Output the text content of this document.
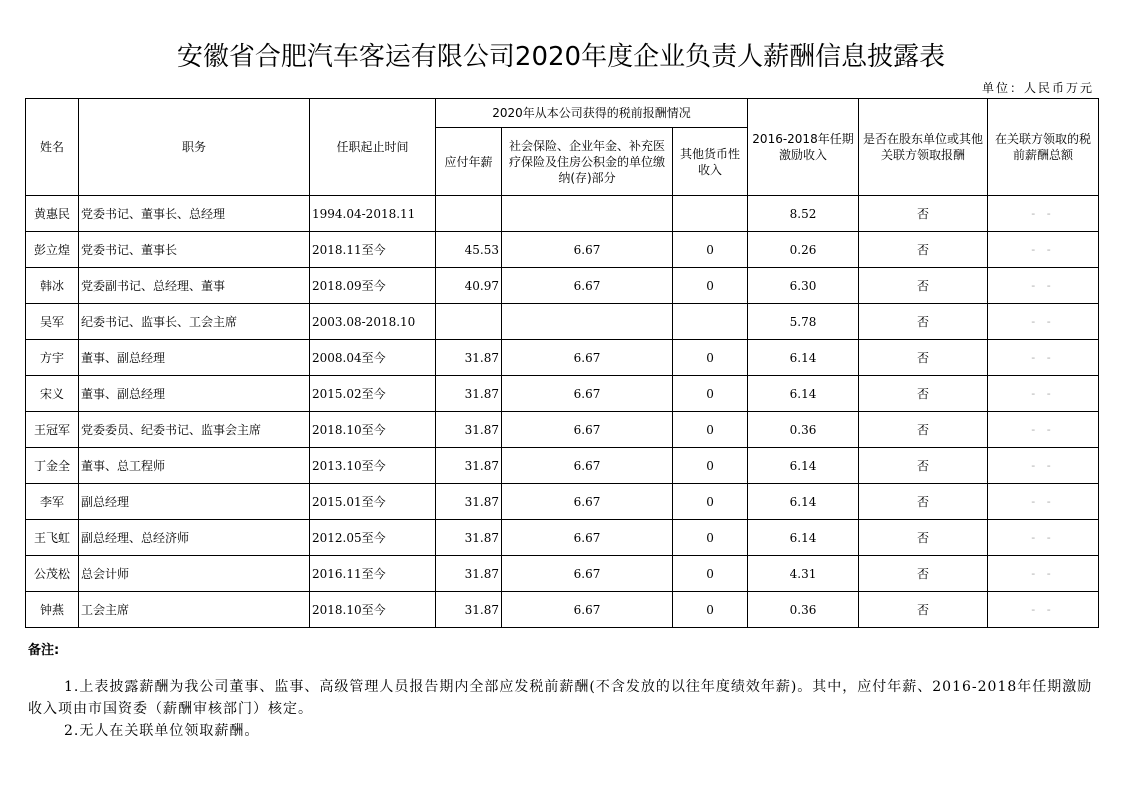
安徽省合肥汽车客运有限公司2020年度企业负责人薪酬信息披露表
单位：人民币万元
姓名	职务	任职起止时间	2020年从本公司获得的税前报酬情况			2016-2018年任期激励收入	是否在股东单位或其他关联方领取报酬	在关联方领取的税前薪酬总额
			应付年薪	社会保险、企业年金、补充医疗保险及住房公积金的单位缴纳(存)部分	其他货币性收入			
黄惠民	党委书记、董事长、总经理	1994.04-2018.11				8.52	否	- -
彭立煌	党委书记、董事长	2018.11至今	45.53	6.67	0	0.26	否	- -
韩冰	党委副书记、总经理、董事	2018.09至今	40.97	6.67	0	6.30	否	- -
吴军	纪委书记、监事长、工会主席	2003.08-2018.10				5.78	否	- -
方宇	董事、副总经理	2008.04至今	31.87	6.67	0	6.14	否	- -
宋义	董事、副总经理	2015.02至今	31.87	6.67	0	6.14	否	- -
王冠军	党委委员、纪委书记、监事会主席	2018.10至今	31.87	6.67	0	0.36	否	- -
丁金全	董事、总工程师	2013.10至今	31.87	6.67	0	6.14	否	- -
李军	副总经理	2015.01至今	31.87	6.67	0	6.14	否	- -
王飞虹	副总经理、总经济师	2012.05至今	31.87	6.67	0	6.14	否	- -
公茂松	总会计师	2016.11至今	31.87	6.67	0	4.31	否	- -
钟燕	工会主席	2018.10至今	31.87	6.67	0	0.36	否	- -
备注:

1.上表披露薪酬为我公司董事、监事、高级管理人员报告期内全部应发税前薪酬(不含发放的以往年度绩效年薪)。其中，应付年薪、2016-2018年任期激励收入项由市国资委（薪酬审核部门）核定。

2.无人在关联单位领取薪酬。
